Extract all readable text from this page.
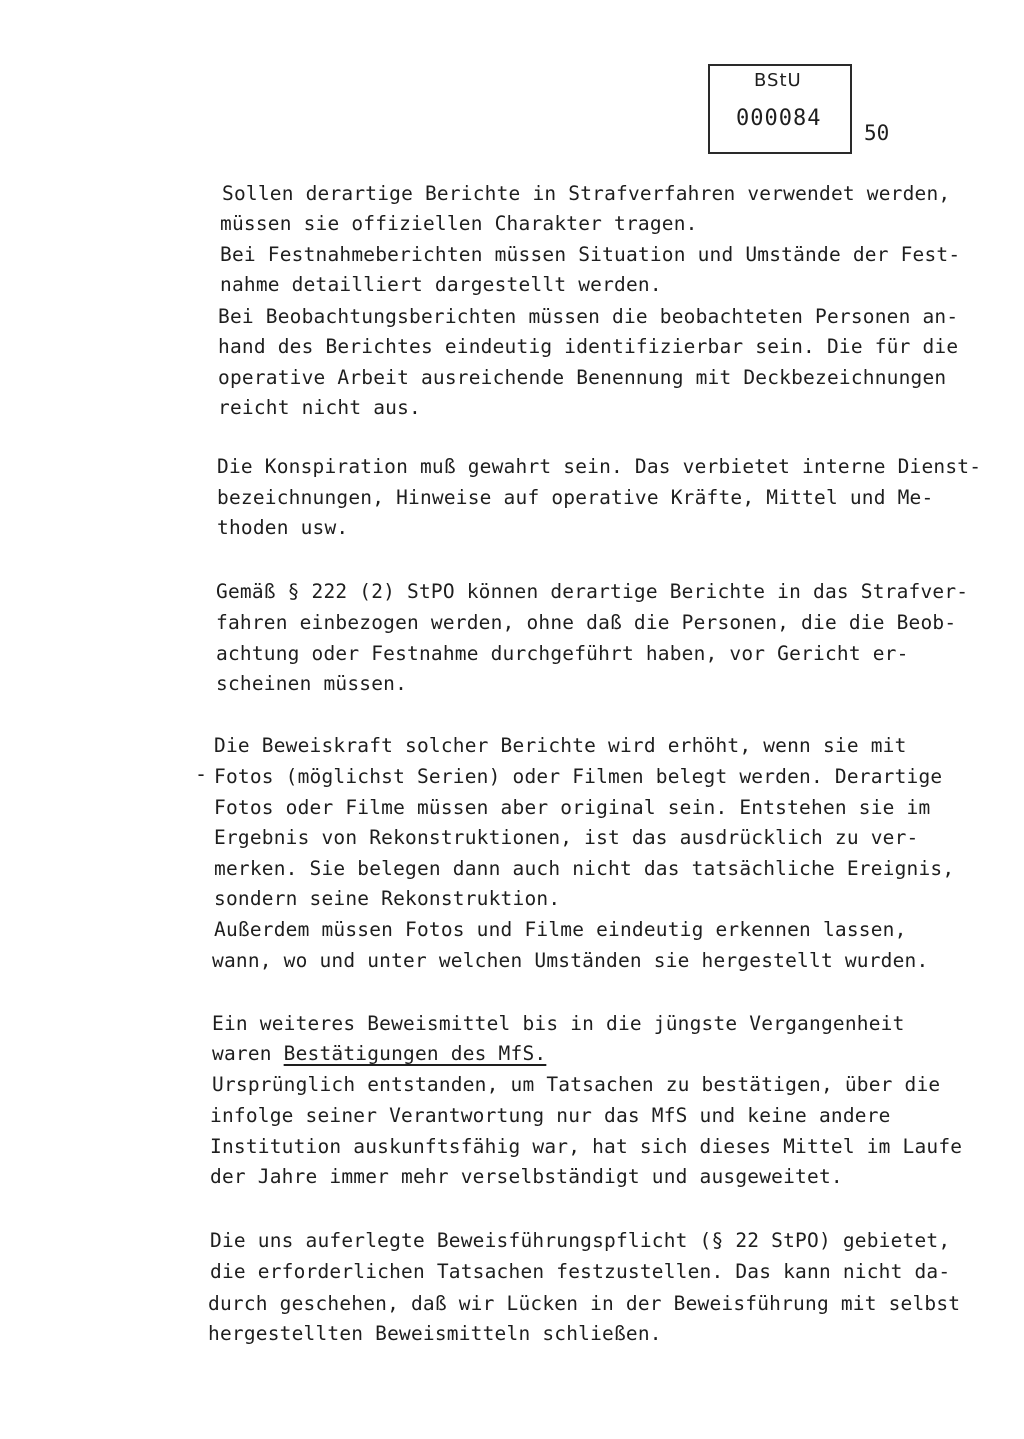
BStU
000084
50
-
Sollen derartige Berichte in Strafverfahren verwendet werden,
müssen sie offiziellen Charakter tragen.
Bei Festnahmeberichten müssen Situation und Umstände der Fest-
nahme detailliert dargestellt werden.
Bei Beobachtungsberichten müssen die beobachteten Personen an-
hand des Berichtes eindeutig identifizierbar sein. Die für die
operative Arbeit ausreichende Benennung mit Deckbezeichnungen
reicht nicht aus.
Die Konspiration muß gewahrt sein. Das verbietet interne Dienst-
bezeichnungen, Hinweise auf operative Kräfte, Mittel und Me-
thoden usw.
Gemäß § 222 (2) StPO können derartige Berichte in das Strafver-
fahren einbezogen werden, ohne daß die Personen, die die Beob-
achtung oder Festnahme durchgeführt haben, vor Gericht er-
scheinen müssen.
Die Beweiskraft solcher Berichte wird erhöht, wenn sie mit
Fotos (möglichst Serien) oder Filmen belegt werden. Derartige
Fotos oder Filme müssen aber original sein. Entstehen sie im
Ergebnis von Rekonstruktionen, ist das ausdrücklich zu ver-
merken. Sie belegen dann auch nicht das tatsächliche Ereignis,
sondern seine Rekonstruktion.
Außerdem müssen Fotos und Filme eindeutig erkennen lassen,
wann, wo und unter welchen Umständen sie hergestellt wurden.
Ein weiteres Beweismittel bis in die jüngste Vergangenheit
waren Bestätigungen des MfS.
Ursprünglich entstanden, um Tatsachen zu bestätigen, über die
infolge seiner Verantwortung nur das MfS und keine andere
Institution auskunftsfähig war, hat sich dieses Mittel im Laufe
der Jahre immer mehr verselbständigt und ausgeweitet.
Die uns auferlegte Beweisführungspflicht (§ 22 StPO) gebietet,
die erforderlichen Tatsachen festzustellen. Das kann nicht da-
durch geschehen, daß wir Lücken in der Beweisführung mit selbst
hergestellten Beweismitteln schließen.
